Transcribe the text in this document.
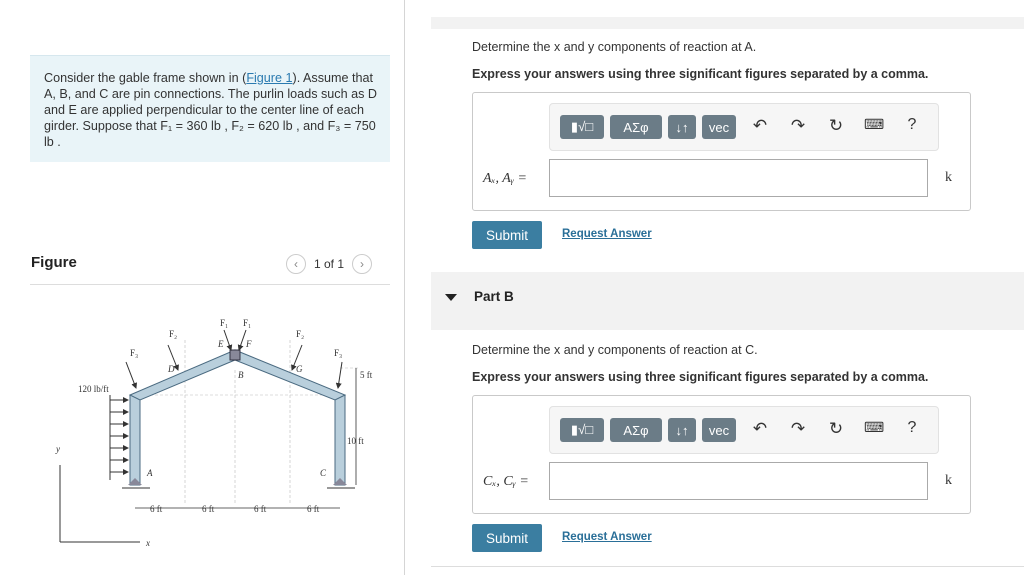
Consider the gable frame shown in (Figure 1). Assume that A, B, and C are pin connections. The purlin loads such as D and E are applied perpendicular to the center line of each girder. Suppose that F₁ = 360 lb , F₂ = 620 lb , and F₃ = 750 lb .
Figure	‹	1 of 1	›
120 lb/ft
6 ft	6 ft	6 ft	6 ft
5 ft
10 ft
A
B
C
D
E	F
G
F₃
F₂
F₁ F₁
F₂
F₃
x
y
Determine the x and y components of reaction at A.
Express your answers using three significant figures separated by a comma.
▮√□	ΑΣφ	↓↑	vec	↶ ↷ ↻ ⌨	?
Aₓ, Aᵧ =	k
Submit	Request Answer
Part B
Determine the x and y components of reaction at C.
Express your answers using three significant figures separated by a comma.
▮√□	ΑΣφ	↓↑	vec	↶ ↷ ↻ ⌨	?
Cₓ, Cᵧ =	k
Submit	Request Answer
